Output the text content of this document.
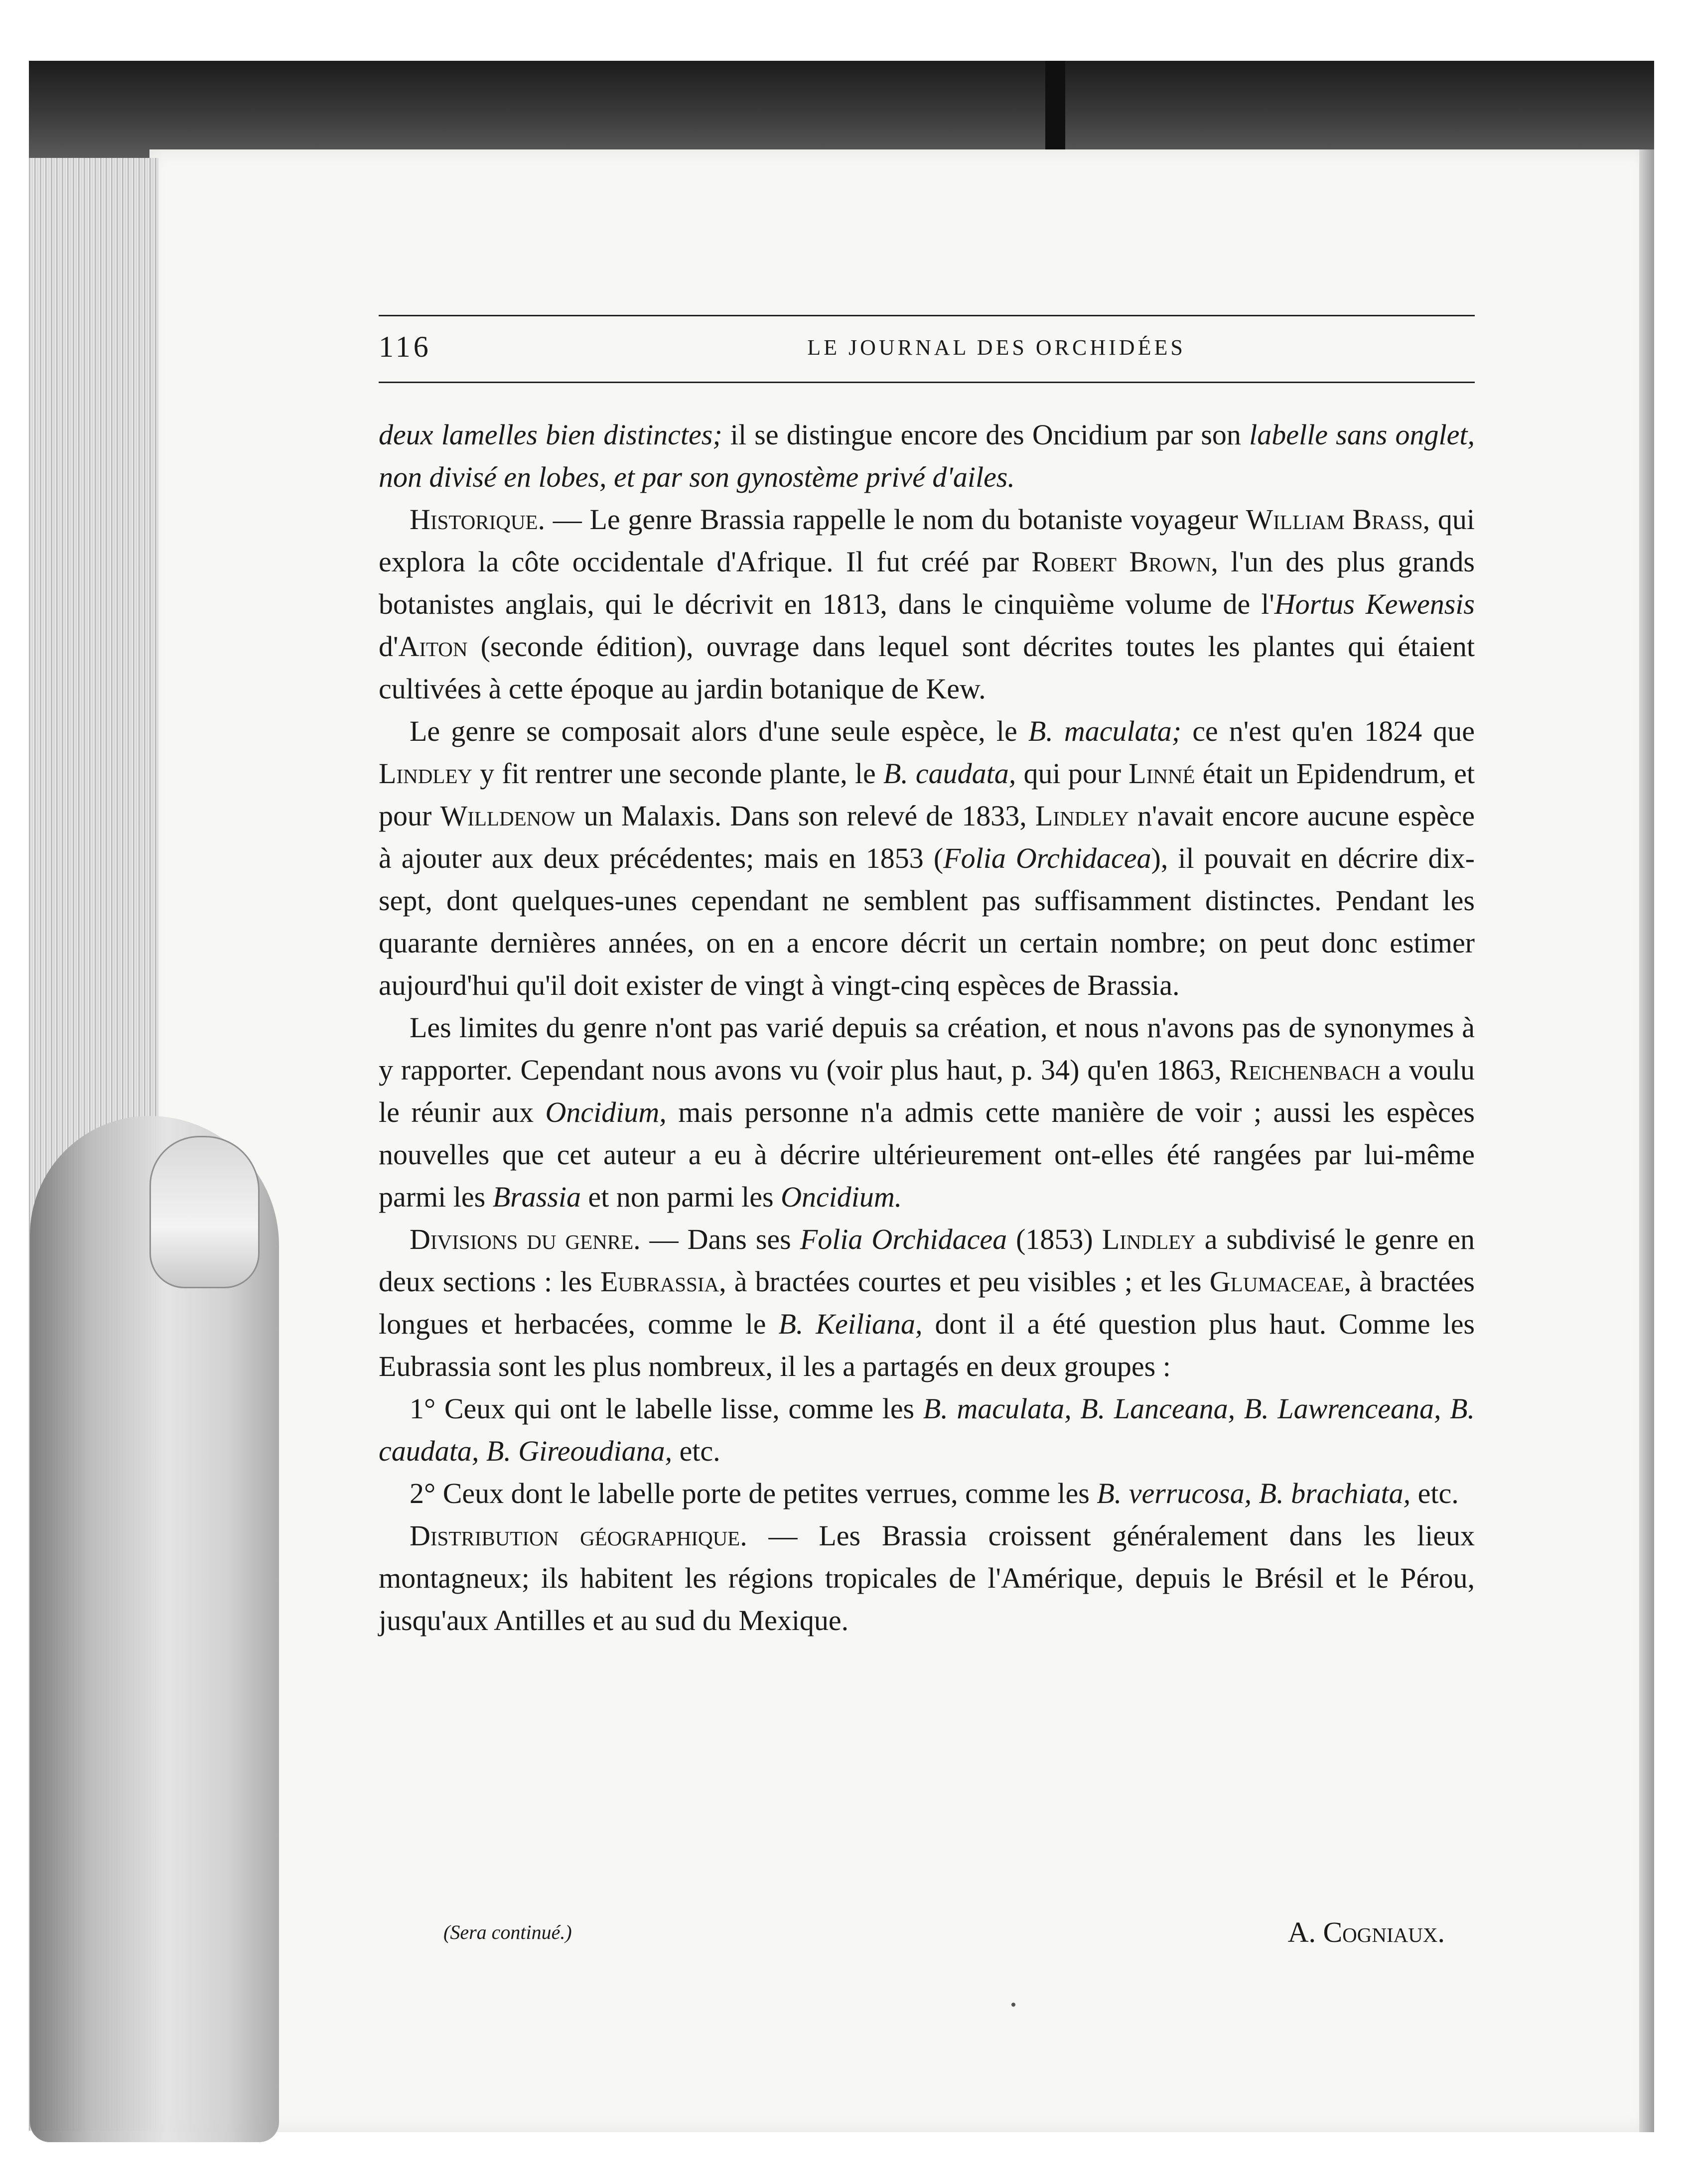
116	LE JOURNAL DES ORCHIDÉES

deux lamelles bien distinctes; il se distingue encore des Oncidium par son labelle sans onglet, non divisé en lobes, et par son gynostème privé d'ailes.

Historique. — Le genre Brassia rappelle le nom du botaniste voyageur William Brass, qui explora la côte occidentale d'Afrique. Il fut créé par Robert Brown, l'un des plus grands botanistes anglais, qui le décrivit en 1813, dans le cinquième volume de l'Hortus Kewensis d'Aiton (seconde édition), ouvrage dans lequel sont décrites toutes les plantes qui étaient cultivées à cette époque au jardin botanique de Kew.

Le genre se composait alors d'une seule espèce, le B. maculata; ce n'est qu'en 1824 que Lindley y fit rentrer une seconde plante, le B. caudata, qui pour Linné était un Epidendrum, et pour Willdenow un Malaxis. Dans son relevé de 1833, Lindley n'avait encore aucune espèce à ajouter aux deux précédentes; mais en 1853 (Folia Orchidacea), il pouvait en décrire dix-sept, dont quelques-unes cependant ne semblent pas suffisamment distinctes. Pendant les quarante dernières années, on en a encore décrit un certain nombre; on peut donc estimer aujourd'hui qu'il doit exister de vingt à vingt-cinq espèces de Brassia.

Les limites du genre n'ont pas varié depuis sa création, et nous n'avons pas de synonymes à y rapporter. Cependant nous avons vu (voir plus haut, p. 34) qu'en 1863, Reichenbach a voulu le réunir aux Oncidium, mais personne n'a admis cette manière de voir ; aussi les espèces nouvelles que cet auteur a eu à décrire ultérieurement ont-elles été rangées par lui-même parmi les Brassia et non parmi les Oncidium.

Divisions du genre. — Dans ses Folia Orchidacea (1853) Lindley a subdivisé le genre en deux sections : les Eubrassia, à bractées courtes et peu visibles ; et les Glumaceae, à bractées longues et herbacées, comme le B. Keiliana, dont il a été question plus haut. Comme les Eubrassia sont les plus nombreux, il les a partagés en deux groupes :

1° Ceux qui ont le labelle lisse, comme les B. maculata, B. Lanceana, B. Lawrenceana, B. caudata, B. Gireoudiana, etc.

2° Ceux dont le labelle porte de petites verrues, comme les B. verrucosa, B. brachiata, etc.

Distribution géographique. — Les Brassia croissent généralement dans les lieux montagneux; ils habitent les régions tropicales de l'Amérique, depuis le Brésil et le Pérou, jusqu'aux Antilles et au sud du Mexique.

(Sera continué.)	A. Cogniaux.
